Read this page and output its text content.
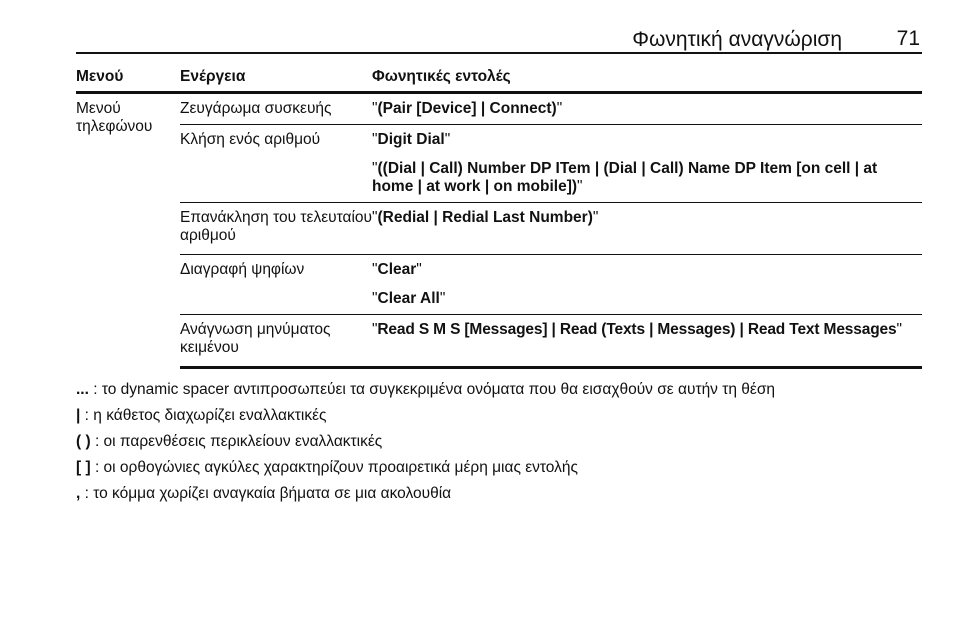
Φωνητική αναγνώριση	71
Μενού	Ενέργεια	Φωνητικές εντολές
Μενού τηλεφώνου	Ζευγάρωμα συσκευής	"(Pair [Device] | Connect)"

	Κλήση ενός αριθμού	"Digit Dial"
"((Dial | Call) Number DP ITem | (Dial | Call) Name DP Item [on cell | at home | at work | on mobile])"

	Επανάκληση του τελευταίου αριθμού	"(Redial | Redial Last Number)"

	Διαγραφή ψηφίων	"Clear"
"Clear All"

	Ανάγνωση μηνύματος κειμένου	"Read S M S [Messages] | Read (Texts | Messages) | Read Text Messages"

... : το dynamic spacer αντιπροσωπεύει τα συγκεκριμένα ονόματα που θα εισαχθούν σε αυτήν τη θέση

| : η κάθετος διαχωρίζει εναλλακτικές

( ) : οι παρενθέσεις περικλείουν εναλλακτικές

[ ] : οι ορθογώνιες αγκύλες χαρακτηρίζουν προαιρετικά μέρη μιας εντολής

, : το κόμμα χωρίζει αναγκαία βήματα σε μια ακολουθία
